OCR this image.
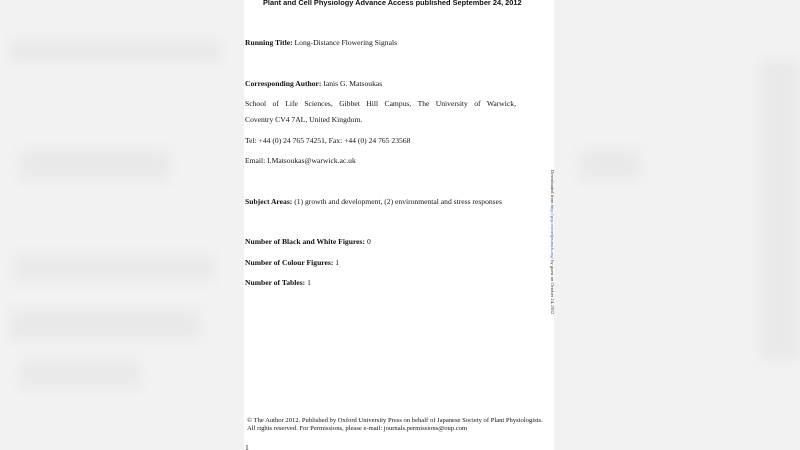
Plant and Cell Physiology Advance Access published September 24, 2012
Running Title: Long-Distance Flowering Signals
Corresponding Author: Ianis G. Matsoukas
School of Life Sciences, Gibbet Hill Campus, The University of Warwick,
Coventry CV4 7AL, United Kingdom.
Tel: +44 (0) 24 765 74251, Fax: +44 (0) 24 765 23568
Email: I.Matsoukas@warwick.ac.uk
Subject Areas: (1) growth and development, (2) environmental and stress responses
Number of Black and White Figures: 0
Number of Colour Figures: 1
Number of Tables: 1
© The Author 2012. Published by Oxford University Press on behalf of Japanese Society of Plant Physiologists. All rights reserved. For Permissions, please e-mail: journals.permissions@oup.com
1
Downloaded from http://pcp.oxfordjournals.org/ by guest on October 24, 2012
